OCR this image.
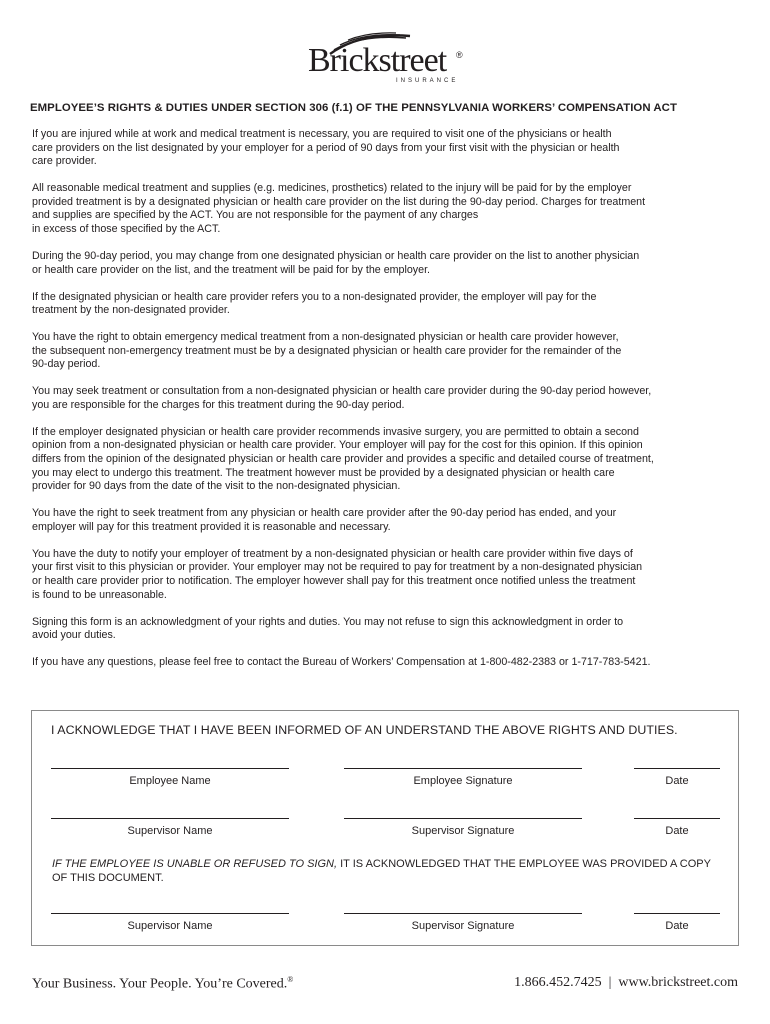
Brickstreet ®
INSURANCE
EMPLOYEE’S RIGHTS & DUTIES UNDER SECTION 306 (f.1) OF THE PENNSYLVANIA WORKERS’ COMPENSATION ACT

If you are injured while at work and medical treatment is necessary, you are required to visit one of the physicians or health
care providers on the list designated by your employer for a period of 90 days from your first visit with the physician or health
care provider.

All reasonable medical treatment and supplies (e.g. medicines, prosthetics) related to the injury will be paid for by the employer
provided treatment is by a designated physician or health care provider on the list during the 90-day period. Charges for treatment
and supplies are specified by the ACT. You are not responsible for the payment of any charges
in excess of those specified by the ACT.

During the 90-day period, you may change from one designated physician or health care provider on the list to another physician
or health care provider on the list, and the treatment will be paid for by the employer.

If the designated physician or health care provider refers you to a non-designated provider, the employer will pay for the
treatment by the non-designated provider.

You have the right to obtain emergency medical treatment from a non-designated physician or health care provider however,
the subsequent non-emergency treatment must be by a designated physician or health care provider for the remainder of the
90-day period.

You may seek treatment or consultation from a non-designated physician or health care provider during the 90-day period however,
you are responsible for the charges for this treatment during the 90-day period.

If the employer designated physician or health care provider recommends invasive surgery, you are permitted to obtain a second
opinion from a non-designated physician or health care provider. Your employer will pay for the cost for this opinion. If this opinion
differs from the opinion of the designated physician or health care provider and provides a specific and detailed course of treatment,
you may elect to undergo this treatment. The treatment however must be provided by a designated physician or health care
provider for 90 days from the date of the visit to the non-designated physician.

You have the right to seek treatment from any physician or health care provider after the 90-day period has ended, and your
employer will pay for this treatment provided it is reasonable and necessary.

You have the duty to notify your employer of treatment by a non-designated physician or health care provider within five days of
your first visit to this physician or provider. Your employer may not be required to pay for treatment by a non-designated physician
or health care provider prior to notification. The employer however shall pay for this treatment once notified unless the treatment
is found to be unreasonable.

Signing this form is an acknowledgment of your rights and duties. You may not refuse to sign this acknowledgment in order to
avoid your duties.

If you have any questions, please feel free to contact the Bureau of Workers’ Compensation at 1-800-482-2383 or 1-717-783-5421.

I ACKNOWLEDGE THAT I HAVE BEEN INFORMED OF AN UNDERSTAND THE ABOVE RIGHTS AND DUTIES.
Employee Name	Employee Signature	Date
Supervisor Name	Supervisor Signature	Date
IF THE EMPLOYEE IS UNABLE OR REFUSED TO SIGN, IT IS ACKNOWLEDGED THAT THE EMPLOYEE WAS PROVIDED A COPY OF THIS DOCUMENT.
Supervisor Name	Supervisor Signature	Date
Your Business. Your People. You’re Covered.®	1.866.452.7425  |  www.brickstreet.com
